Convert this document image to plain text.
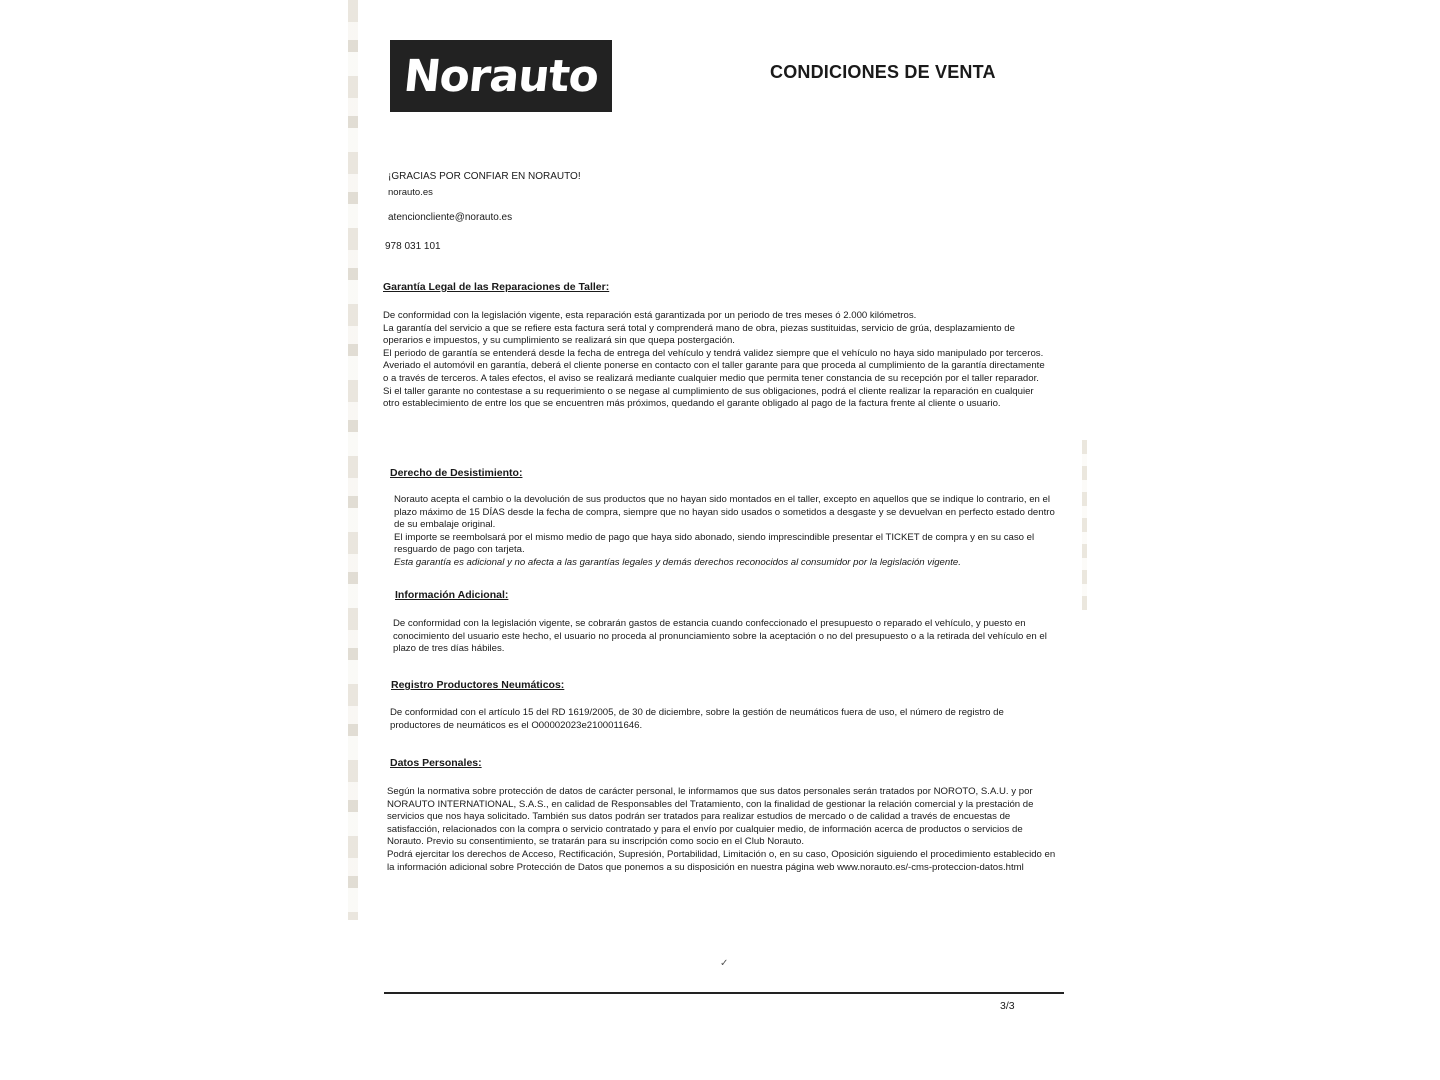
Norauto	CONDICIONES DE VENTA
¡GRACIAS POR CONFIAR EN NORAUTO!
norauto.es
atencioncliente@norauto.es
978 031 101
Garantía Legal de las Reparaciones de Taller:

De conformidad con la legislación vigente, esta reparación está garantizada por un periodo de tres meses ó 2.000 kilómetros.

La garantía del servicio a que se refiere esta factura será total y comprenderá mano de obra, piezas sustituidas, servicio de grúa, desplazamiento de operarios e impuestos, y su cumplimiento se realizará sin que quepa postergación.

El periodo de garantía se entenderá desde la fecha de entrega del vehículo y tendrá validez siempre que el vehículo no haya sido manipulado por terceros.

Averiado el automóvil en garantía, deberá el cliente ponerse en contacto con el taller garante para que proceda al cumplimiento de la garantía directamente o a través de terceros. A tales efectos, el aviso se realizará mediante cualquier medio que permita tener constancia de su recepción por el taller reparador.

Si el taller garante no contestase a su requerimiento o se negase al cumplimiento de sus obligaciones, podrá el cliente realizar la reparación en cualquier otro establecimiento de entre los que se encuentren más próximos, quedando el garante obligado al pago de la factura frente al cliente o usuario.

Derecho de Desistimiento:

Norauto acepta el cambio o la devolución de sus productos que no hayan sido montados en el taller, excepto en aquellos que se indique lo contrario, en el plazo máximo de 15 DÍAS desde la fecha de compra, siempre que no hayan sido usados o sometidos a desgaste y se devuelvan en perfecto estado dentro de su embalaje original.

El importe se reembolsará por el mismo medio de pago que haya sido abonado, siendo imprescindible presentar el TICKET de compra y en su caso el resguardo de pago con tarjeta.

Esta garantía es adicional y no afecta a las garantías legales y demás derechos reconocidos al consumidor por la legislación vigente.

Información Adicional:

De conformidad con la legislación vigente, se cobrarán gastos de estancia cuando confeccionado el presupuesto o reparado el vehículo, y puesto en conocimiento del usuario este hecho, el usuario no proceda al pronunciamiento sobre la aceptación o no del presupuesto o a la retirada del vehículo en el plazo de tres días hábiles.

Registro Productores Neumáticos:

De conformidad con el artículo 15 del RD 1619/2005, de 30 de diciembre, sobre la gestión de neumáticos fuera de uso, el número de registro de productores de neumáticos es el O00002023e2100011646.

Datos Personales:

Según la normativa sobre protección de datos de carácter personal, le informamos que sus datos personales serán tratados por NOROTO, S.A.U. y por NORAUTO INTERNATIONAL, S.A.S., en calidad de Responsables del Tratamiento, con la finalidad de gestionar la relación comercial y la prestación de servicios que nos haya solicitado. También sus datos podrán ser tratados para realizar estudios de mercado o de calidad a través de encuestas de satisfacción, relacionados con la compra o servicio contratado y para el envío por cualquier medio, de información acerca de productos o servicios de Norauto. Previo su consentimiento, se tratarán para su inscripción como socio en el Club Norauto.

Podrá ejercitar los derechos de Acceso, Rectificación, Supresión, Portabilidad, Limitación o, en su caso, Oposición siguiendo el procedimiento establecido en la información adicional sobre Protección de Datos que ponemos a su disposición en nuestra página web www.norauto.es/-cms-proteccion-datos.html

✓
3/3
